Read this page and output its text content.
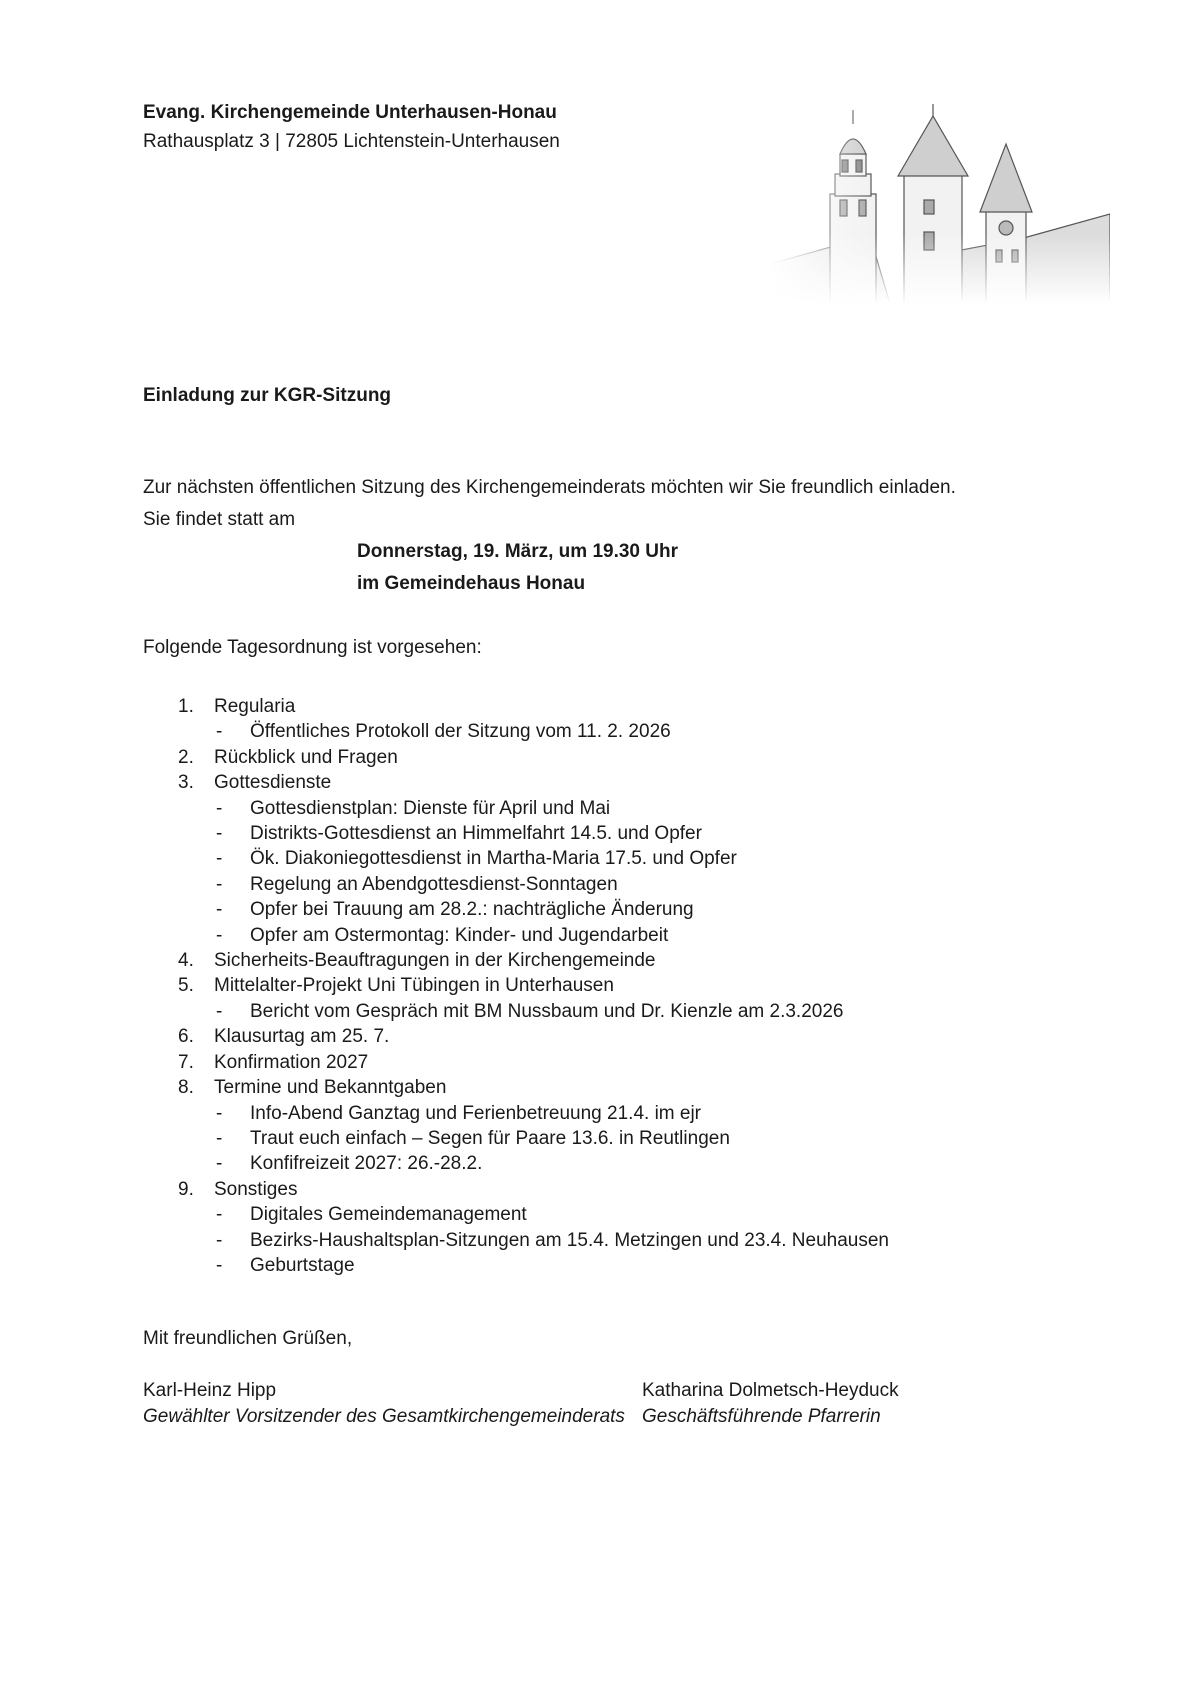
Evang. Kirchengemeinde Unterhausen-Honau
Rathausplatz 3 | 72805 Lichtenstein-Unterhausen
Einladung zur KGR-Sitzung
Zur nächsten öffentlichen Sitzung des Kirchengemeinderats möchten wir Sie freundlich einladen.
Sie findet statt am
Donnerstag, 19. März, um 19.30 Uhr
im Gemeindehaus Honau
Folgende Tagesordnung ist vorgesehen:
1. Regularia
- Öffentliches Protokoll der Sitzung vom 11. 2. 2026
2. Rückblick und Fragen
3. Gottesdienste
- Gottesdienstplan: Dienste für April und Mai
- Distrikts-Gottesdienst an Himmelfahrt 14.5. und Opfer
- Ök. Diakoniegottesdienst in Martha-Maria 17.5. und Opfer
- Regelung an Abendgottesdienst-Sonntagen
- Opfer bei Trauung am 28.2.: nachträgliche Änderung
- Opfer am Ostermontag: Kinder- und Jugendarbeit
4. Sicherheits-Beauftragungen in der Kirchengemeinde
5. Mittelalter-Projekt Uni Tübingen in Unterhausen
- Bericht vom Gespräch mit BM Nussbaum und Dr. Kienzle am 2.3.2026
6. Klausurtag am 25. 7.
7. Konfirmation 2027
8. Termine und Bekanntgaben
- Info-Abend Ganztag und Ferienbetreuung 21.4. im ejr
- Traut euch einfach – Segen für Paare 13.6. in Reutlingen
- Konfifreizeit 2027: 26.-28.2.
9. Sonstiges
- Digitales Gemeindemanagement
- Bezirks-Haushaltsplan-Sitzungen am 15.4. Metzingen und 23.4. Neuhausen
- Geburtstage
Mit freundlichen Grüßen,
Karl-Heinz Hipp
Gewählter Vorsitzender des Gesamtkirchengemeinderats
Katharina Dolmetsch-Heyduck
Geschäftsführende Pfarrerin
